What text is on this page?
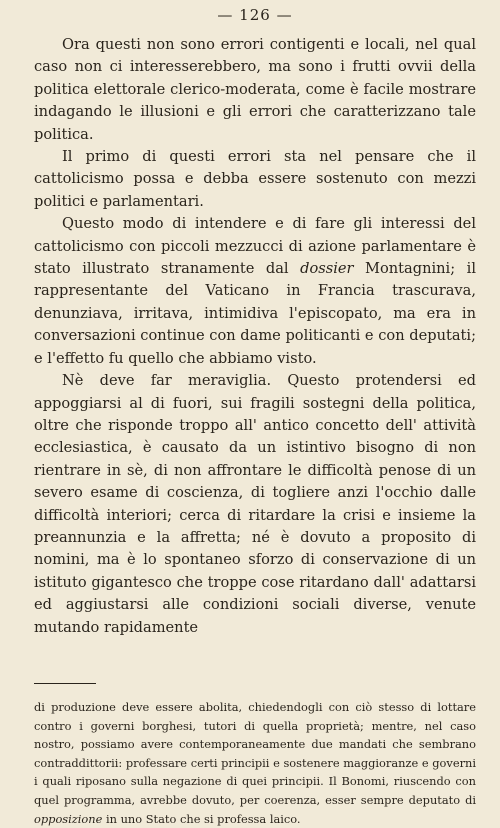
— 126 —

Ora questi non sono errori contigenti e locali, nel qual caso non ci interesserebbero, ma sono i frutti ovvii della politica elettorale clerico-moderata, come è facile mostrare indagando le illusioni e gli errori che caratterizzano tale politica.

Il primo di questi errori sta nel pensare che il cattolicismo possa e debba essere sostenuto con mezzi politici e parlamentari.

Questo modo di intendere e di fare gli interessi del cattolicismo con piccoli mezzucci di azione parlamentare è stato illustrato stranamente dal dossier Montagnini; il rappresentante del Vaticano in Francia trascurava, denunziava, irritava, intimidiva l'episcopato, ma era in conversazioni continue con dame politicanti e con deputati; e l'effetto fu quello che abbiamo visto.

Nè deve far meraviglia. Questo protendersi ed appoggiarsi al di fuori, sui fragili sostegni della politica, oltre che risponde troppo all' antico concetto dell' attività ecclesiastica, è causato da un istintivo bisogno di non rientrare in sè, di non affrontare le difficoltà penose di un severo esame di coscienza, di togliere anzi l'occhio dalle difficoltà interiori; cerca di ritardare la crisi e insieme la preannunzia e la affretta; né è dovuto a proposito di nomini, ma è lo spontaneo sforzo di conservazione di un istituto gigantesco che troppe cose ritardano dall' adattarsi ed aggiustarsi alle condizioni sociali diverse, venute mutando rapidamente

di produzione deve essere abolita, chiedendogli con ciò stesso di lottare contro i governi borghesi, tutori di quella proprietà; mentre, nel caso nostro, possiamo avere contemporaneamente due mandati che sembrano contraddittorii: professare certi principii e sostenere maggioranze e governi i quali riposano sulla negazione di quei principii. Il Bonomi, riuscendo con quel programma, avrebbe dovuto, per coerenza, esser sempre deputato di opposizione in uno Stato che si professa laico.
